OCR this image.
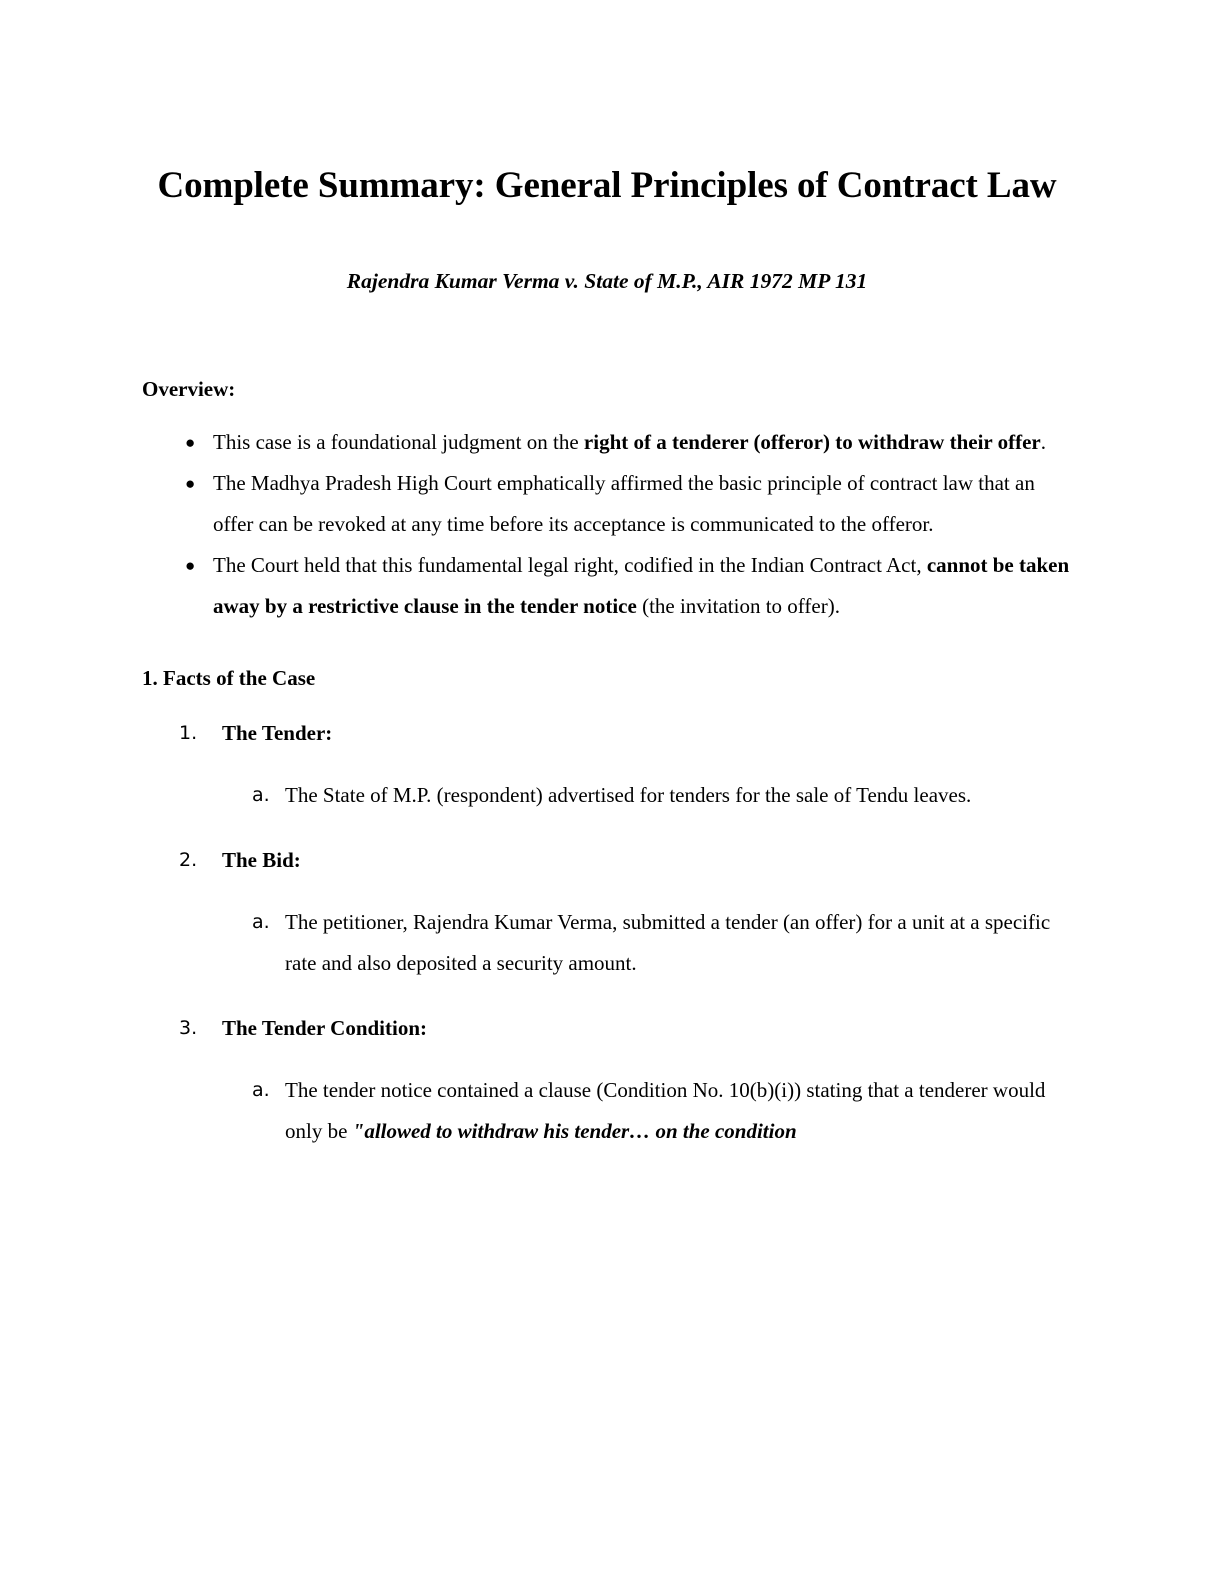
Complete Summary: General Principles of Contract Law

Rajendra Kumar Verma v. State of M.P., AIR 1972 MP 131

Overview:
● This case is a foundational judgment on the right of a tenderer (offeror) to withdraw their offer.
● The Madhya Pradesh High Court emphatically affirmed the basic principle of contract law that an offer can be revoked at any time before its acceptance is communicated to the offeror.
● The Court held that this fundamental legal right, codified in the Indian Contract Act, cannot be taken away by a restrictive clause in the tender notice (the invitation to offer).
1. Facts of the Case
1.	The Tender:
a. The State of M.P. (respondent) advertised for tenders for the sale of Tendu leaves.
2.	The Bid:
a. The petitioner, Rajendra Kumar Verma, submitted a tender (an offer) for a unit at a specific rate and also deposited a security amount.
3.	The Tender Condition:
a. The tender notice contained a clause (Condition No. 10(b)(i)) stating that a tenderer would only be "allowed to withdraw his tender… on the condition
